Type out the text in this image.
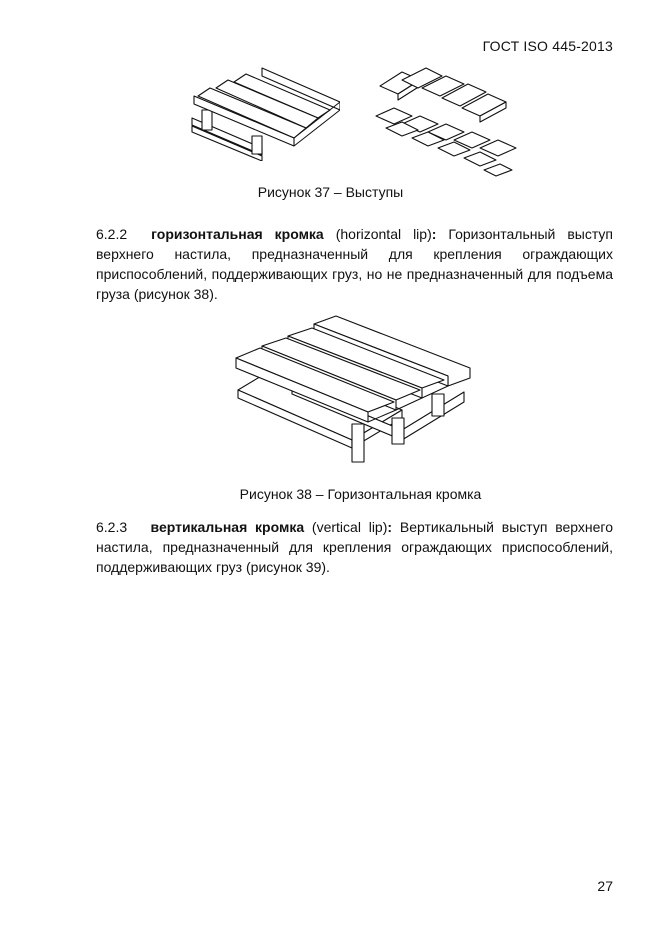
ГОСТ ISO 445-2013
Рисунок 37 – Выступы
6.2.2 горизонтальная кромка (horizontal lip): Горизонтальный выступ верхнего настила, предназначенный для крепления ограждающих приспособлений, поддерживающих груз, но не предназначенный для подъема груза (рисунок 38).
Рисунок 38 – Горизонтальная кромка
6.2.3 вертикальная кромка (vertical lip): Вертикальный выступ верхнего настила, предназначенный для крепления ограждающих приспособлений, поддерживающих груз (рисунок 39).
27
